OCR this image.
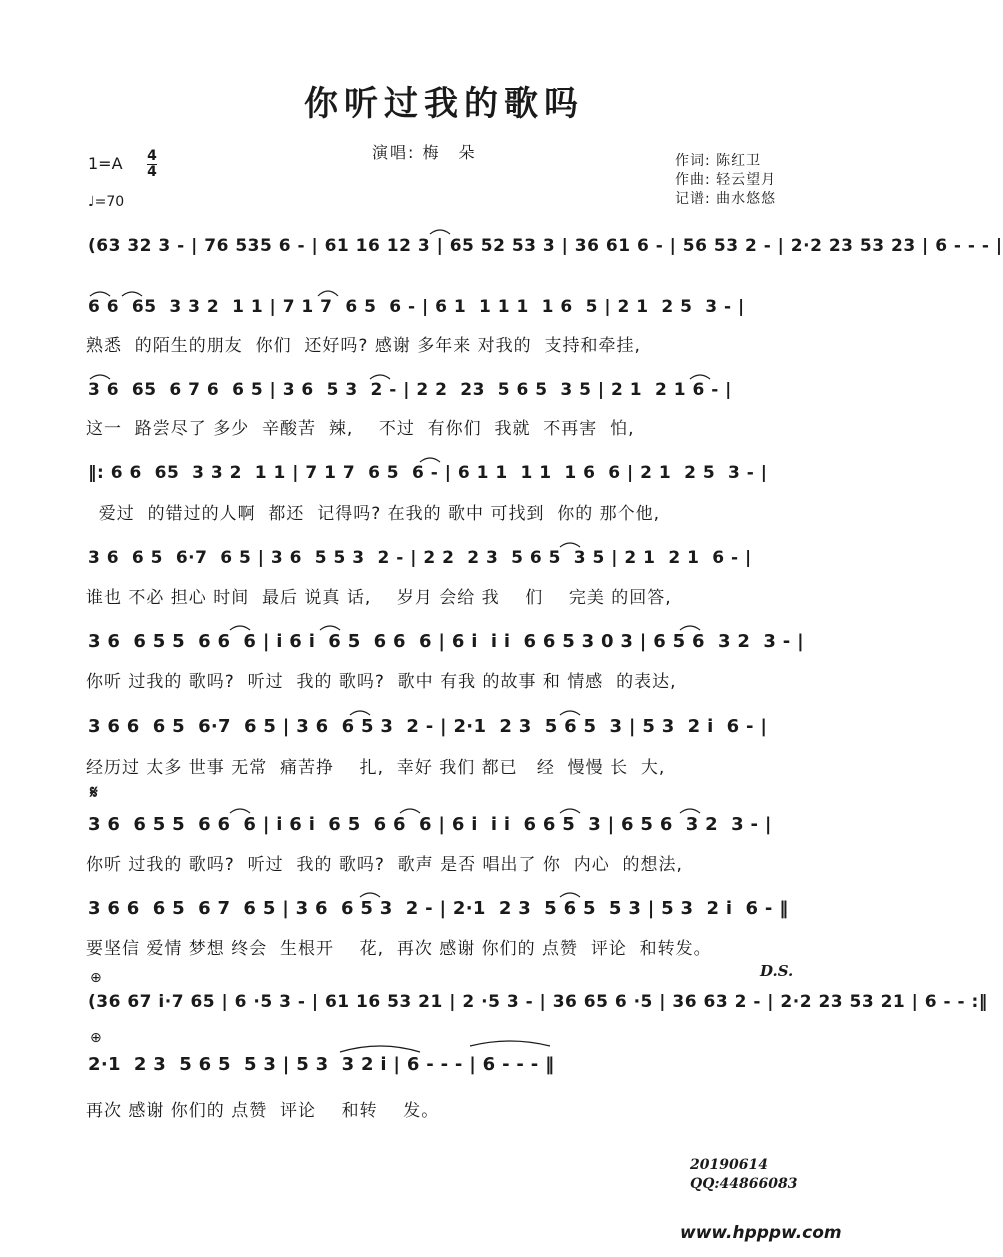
你听过我的歌吗
演唱: 梅　朵
1=A 4
4
♩=70
作词: 陈红卫
作曲: 轻云望月
记谱: 曲水悠悠
(63 32 3 - | 76 535 6 - | 61 16 12 3 | 65 52 53 3 | 36 61 6 - | 56 53 2 - | 2·2 23 53 23 | 6 - - - |
6 6  65  3 3 2  1 1 | 7 1 7  6 5  6 - | 6 1  1 1 1  1 6  5 | 2 1  2 5  3 - |
熟悉  的陌生的朋友  你们  还好吗? 感谢 多年来 对我的  支持和牵挂,
3 6  65  6 7 6  6 5 | 3 6  5 3  2 - | 2 2  23  5 6 5  3 5 | 2 1  2 1 6 - |
这一  路尝尽了 多少  辛酸苦  辣,    不过  有你们  我就  不再害  怕,
‖: 6 6  65  3 3 2  1 1 | 7 1 7  6 5  6 - | 6 1 1  1 1  1 6  6 | 2 1  2 5  3 - |
爱过  的错过的人啊  都还  记得吗? 在我的 歌中 可找到  你的 那个他,
3 6  6 5  6·7  6 5 | 3 6  5 5 3  2 - | 2 2  2 3  5 6 5  3 5 | 2 1  2 1  6 - |
谁也 不必 担心 时间  最后 说真 话,    岁月 会给 我    们    完美 的回答,
3 6  6 5 5  6 6  6 | i 6 i  6 5  6 6  6 | 6 i  i i  6 6 5 3 0 3 | 6 5 6  3 2  3 - |
你听 过我的 歌吗?  听过  我的 歌吗?  歌中 有我 的故事 和 情感  的表达,
3 6 6  6 5  6·7  6 5 | 3 6  6 5 3  2 - | 2·1  2 3  5 6 5  3 | 5 3  2 i  6 - |
经历过 太多 世事 无常  痛苦挣    扎,  幸好 我们 都已   经  慢慢 长  大,
𝄋
3 6  6 5 5  6 6  6 | i 6 i  6 5  6 6  6 | 6 i  i i  6 6 5  3 | 6 5 6  3 2  3 - |
你听 过我的 歌吗?  听过  我的 歌吗?  歌声 是否 唱出了 你  内心  的想法,
3 6 6  6 5  6 7  6 5 | 3 6  6 5 3  2 - | 2·1  2 3  5 6 5  5 3 | 5 3  2 i  6 - ‖
要坚信 爱情 梦想 终会  生根开    花,  再次 感谢 你们的 点赞  评论  和转发。
D.S.
⊕
(36 67 i·7 65 | 6 ·5 3 - | 61 16 53 21 | 2 ·5 3 - | 36 65 6 ·5 | 36 63 2 - | 2·2 23 53 21 | 6 - - :‖
⊕
2·1  2 3  5 6 5  5 3 | 5 3  3 2 i | 6 - - - | 6 - - - ‖
再次 感谢 你们的 点赞  评论    和转    发。
20190614
QQ:44866083
www.hpppw.com
